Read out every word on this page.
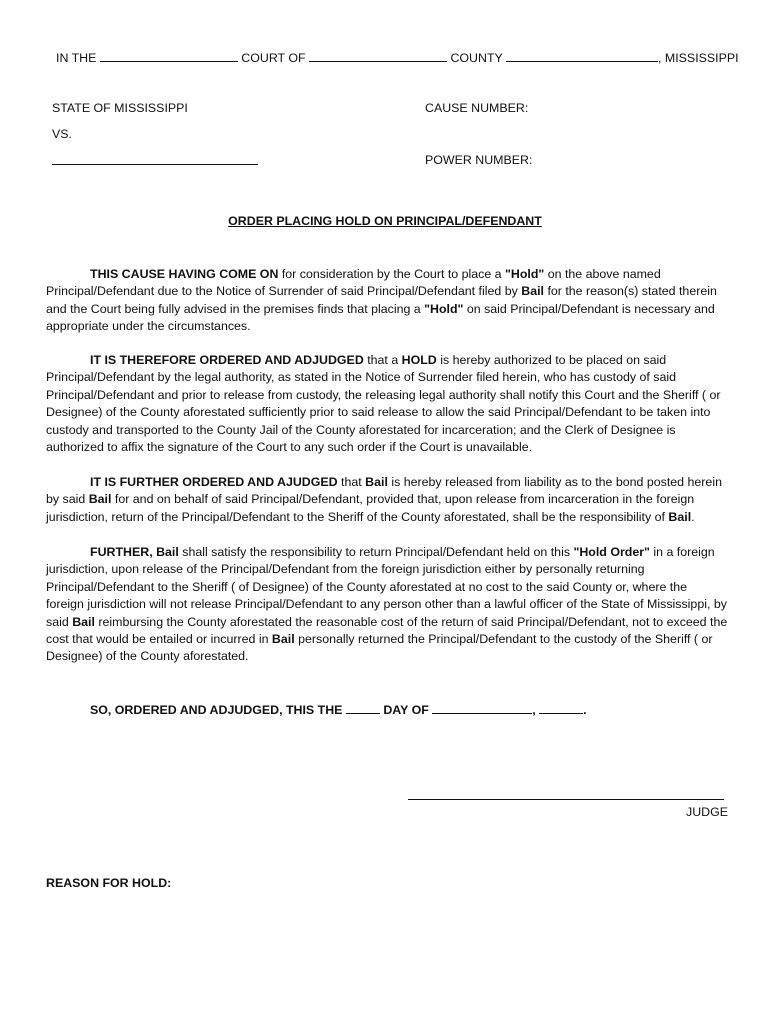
IN THE	COURT OF	COUNTY	, MISSISSIPPI
STATE OF MISSISSIPPI	CAUSE NUMBER:
VS.
POWER NUMBER:
ORDER PLACING HOLD ON PRINCIPAL/DEFENDANT
THIS CAUSE HAVING COME ON for consideration by the Court to place a "Hold" on the above named Principal/Defendant due to the Notice of Surrender of said Principal/Defendant filed by Bail for the reason(s) stated therein and the Court being fully advised in the premises finds that placing a "Hold" on said Principal/Defendant is necessary and appropriate under the circumstances.
IT IS THEREFORE ORDERED AND ADJUDGED that a HOLD is hereby authorized to be placed on said Principal/Defendant by the legal authority, as stated in the Notice of Surrender filed herein, who has custody of said Principal/Defendant and prior to release from custody, the releasing legal authority shall notify this Court and the Sheriff ( or Designee) of the County aforestated sufficiently prior to said release to allow the said Principal/Defendant to be taken into custody and transported to the County Jail of the County aforestated for incarceration; and the Clerk of Designee is authorized to affix the signature of the Court to any such order if the Court is unavailable.
IT IS FURTHER ORDERED AND AJUDGED that Bail is hereby released from liability as to the bond posted herein by said Bail for and on behalf of said Principal/Defendant, provided that, upon release from incarceration in the foreign jurisdiction, return of the Principal/Defendant to the Sheriff of the County aforestated, shall be the responsibility of Bail.
FURTHER, Bail shall satisfy the responsibility to return Principal/Defendant held on this "Hold Order" in a foreign jurisdiction, upon release of the Principal/Defendant from the foreign jurisdiction either by personally returning Principal/Defendant to the Sheriff ( of Designee) of the County aforestated at no cost to the said County or, where the foreign jurisdiction will not release Principal/Defendant to any person other than a lawful officer of the State of Mississippi, by said Bail reimbursing the County aforestated the reasonable cost of the return of said Principal/Defendant, not to exceed the cost that would be entailed or incurred in Bail personally returned the Principal/Defendant to the custody of the Sheriff ( or Designee) of the County aforestated.
SO, ORDERED AND ADJUDGED, THIS THE	DAY OF	,	.
JUDGE
REASON FOR HOLD:
